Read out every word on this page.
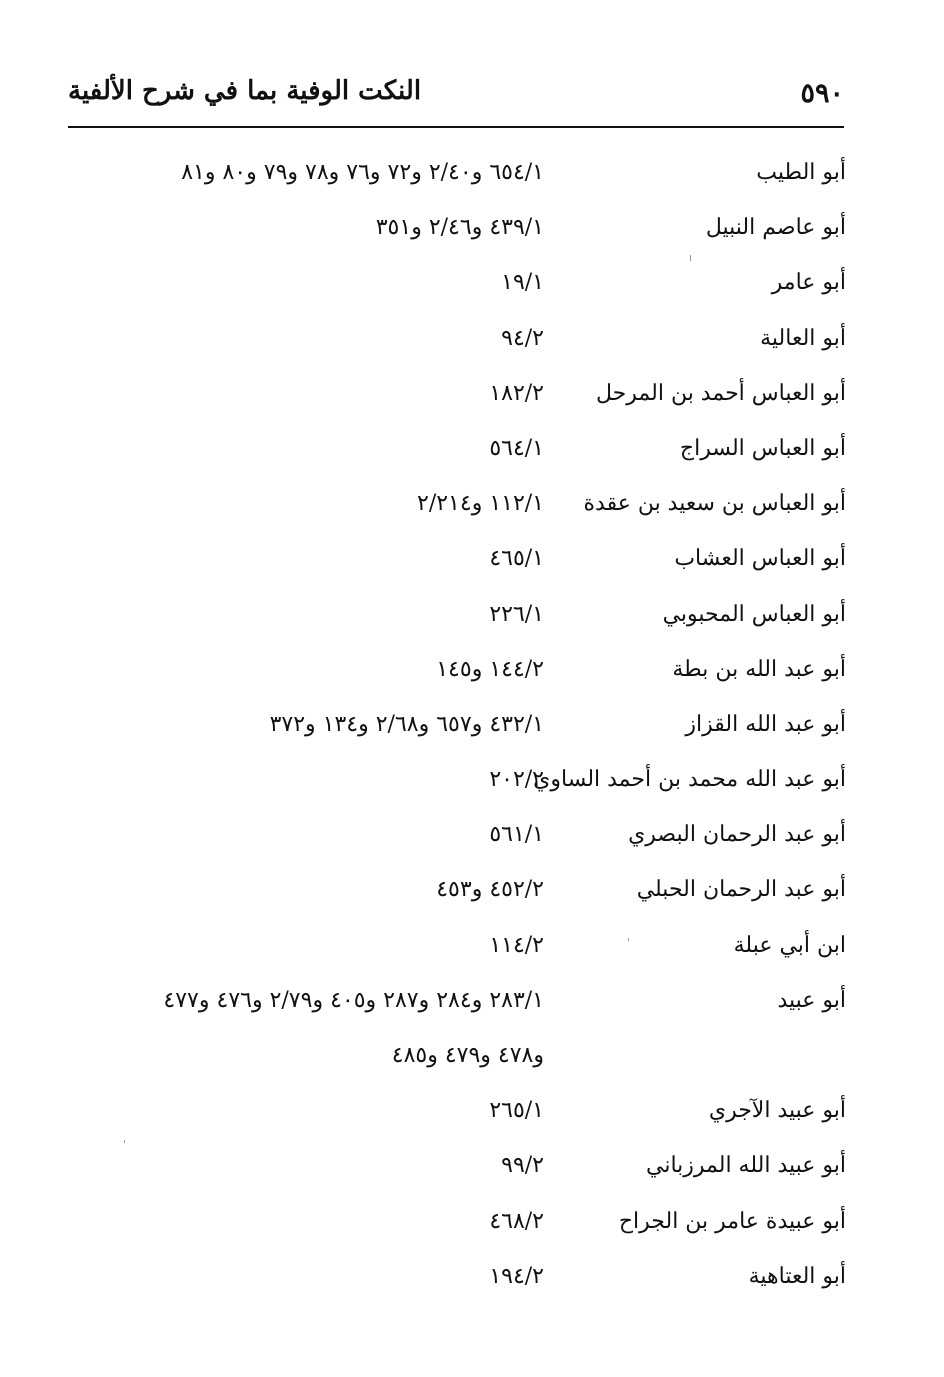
٥٩٠
النكت الوفية بما في شرح الألفية
أبو الطيب
٦٥٤/١ و٢/٤٠ و٧٢ و٧٦ و٧٨ و٧٩ و٨٠ و٨١
أبو عاصم النبيل
٤٣٩/١ و٢/٤٦ و٣٥١
أبو عامر
١٩/١
أبو العالية
٩٤/٢
أبو العباس أحمد بن المرحل
١٨٢/٢
أبو العباس السراج
٥٦٤/١
أبو العباس بن سعيد بن عقدة
١١٢/١ و٢/٢١٤
أبو العباس العشاب
٤٦٥/١
أبو العباس المحبوبي
٢٢٦/١
أبو عبد الله بن بطة
١٤٤/٢ و١٤٥
أبو عبد الله القزاز
٤٣٢/١ و٦٥٧ و٢/٦٨ و١٣٤ و٣٧٢
أبو عبد الله محمد بن أحمد الساوي
٢٠٢/٢
أبو عبد الرحمان البصري
٥٦١/١
أبو عبد الرحمان الحبلي
٤٥٢/٢ و٤٥٣
ابن أبي عبلة
١١٤/٢
أبو عبيد
٢٨٣/١ و٢٨٤ و٢٨٧ و٤٠٥ و٢/٧٩ و٤٧٦ و٤٧٧
و٤٧٨ و٤٧٩ و٤٨٥
أبو عبيد الآجري
٢٦٥/١
أبو عبيد الله المرزباني
٩٩/٢
أبو عبيدة عامر بن الجراح
٤٦٨/٢
أبو العتاهية
١٩٤/٢
